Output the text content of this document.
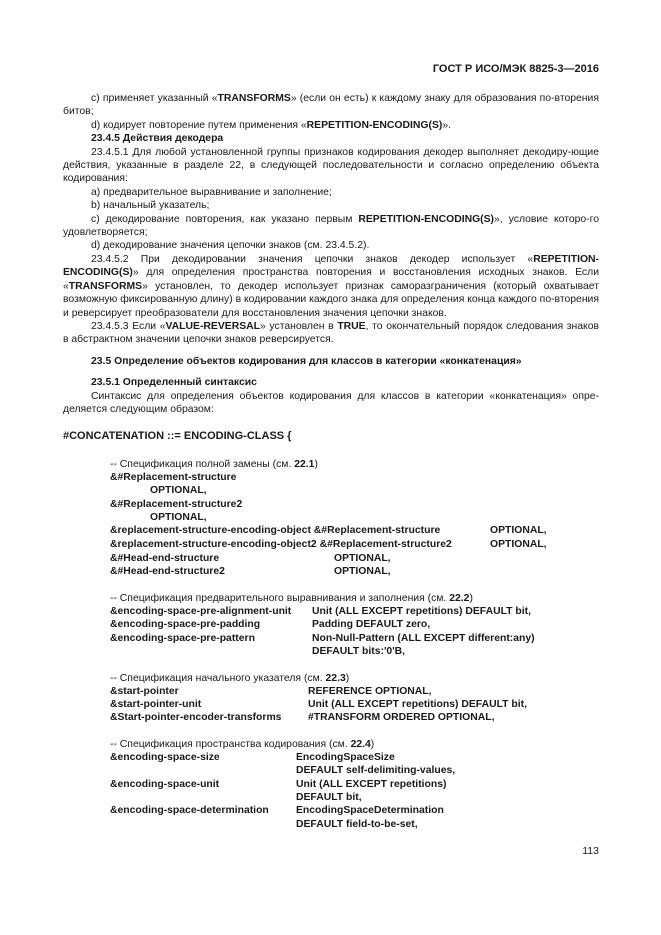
ГОСТ Р ИСО/МЭК 8825-3—2016

c) применяет указанный «TRANSFORMS» (если он есть) к каждому знаку для образования по-вторения битов;

d) кодирует повторение путем применения «REPETITION-ENCODING(S)».

23.4.5 Действия декодера

23.4.5.1 Для любой установленной группы признаков кодирования декодер выполняет декодиру-ющие действия, указанные в разделе 22, в следующей последовательности и согласно определению объекта кодирования:

a) предварительное выравнивание и заполнение;

b) начальный указатель;

c) декодирование повторения, как указано первым REPETITION-ENCODING(S)», условие которо-го удовлетворяется;

d) декодирование значения цепочки знаков (см. 23.4.5.2).

23.4.5.2 При декодировании значения цепочки знаков декодер использует «REPETITION-ENCODING(S)» для определения пространства повторения и восстановления исходных знаков. Если «TRANSFORMS» установлен, то декодер использует признак саморазграничения (который охватывает возможную фиксированную длину) в кодировании каждого знака для определения конца каждого по-вторения и реверсирует преобразователи для восстановления значения цепочки знаков.

23.4.5.3 Если «VALUE-REVERSAL» установлен в TRUE, то окончательный порядок следования знаков в абстрактном значении цепочки знаков реверсируется.

23.5 Определение объектов кодирования для классов в категории «конкатенация»

23.5.1 Определенный синтаксис

Синтаксис для определения объектов кодирования для классов в категории «конкатенация» опре-деляется следующим образом:

#CONCATENATION ::= ENCODING-CLASS {
-- Спецификация полной замены (см. 22.1)
&#Replacement-structure
OPTIONAL,
&#Replacement-structure2
OPTIONAL,
&replacement-structure-encoding-object &#Replacement-structure	OPTIONAL,
&replacement-structure-encoding-object2 &#Replacement-structure2	OPTIONAL,
&#Head-end-structure	OPTIONAL,
&#Head-end-structure2	OPTIONAL,
-- Спецификация предварительного выравнивания и заполнения (см. 22.2)
&encoding-space-pre-alignment-unit Unit (ALL EXCEPT repetitions) DEFAULT bit,
&encoding-space-pre-padding	Padding DEFAULT zero,
&encoding-space-pre-pattern	Non-Null-Pattern (ALL EXCEPT different:any)
DEFAULT bits:'0'B,
-- Спецификация начального указателя (см. 22.3)
&start-pointer	REFERENCE OPTIONAL,
&start-pointer-unit	Unit (ALL EXCEPT repetitions) DEFAULT bit,
&Start-pointer-encoder-transforms	#TRANSFORM ORDERED OPTIONAL,
-- Спецификация пространства кодирования (см. 22.4)
&encoding-space-size	EncodingSpaceSize
DEFAULT self-delimiting-values,
&encoding-space-unit	Unit (ALL EXCEPT repetitions)
DEFAULT bit,
&encoding-space-determination	EncodingSpaceDetermination
DEFAULT field-to-be-set,
113
